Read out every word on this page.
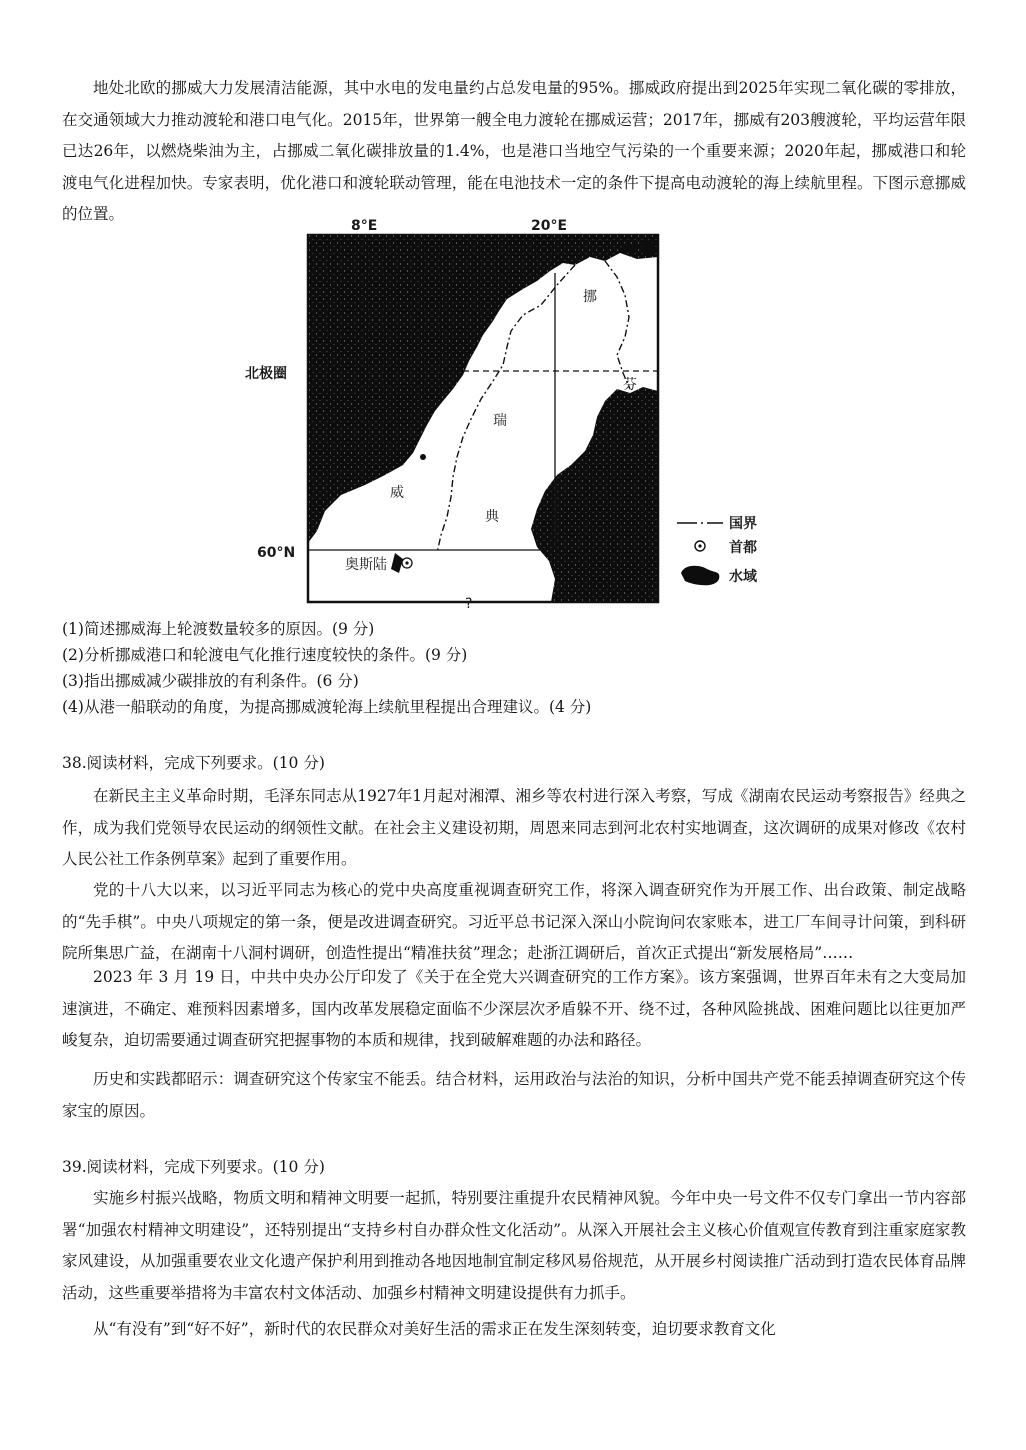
地处北欧的挪威大力发展清洁能源，其中水电的发电量约占总发电量的95%。挪威政府提出到2025年实现二氧化碳的零排放，在交通领域大力推动渡轮和港口电气化。2015年，世界第一艘全电力渡轮在挪威运营；2017年，挪威有203艘渡轮，平均运营年限已达26年，以燃烧柴油为主，占挪威二氧化碳排放量的1.4%，也是港口当地空气污染的一个重要来源；2020年起，挪威港口和轮渡电气化进程加快。专家表明，优化港口和渡轮联动管理，能在电池技术一定的条件下提高电动渡轮的海上续航里程。下图示意挪威的位置。

8°E	20°E
北极圈
60°N
挪
威
瑞
典
芬
兰
奥斯陆
?
国界
首都
水域

(1)简述挪威海上轮渡数量较多的原因。(9 分)

(2)分析挪威港口和轮渡电气化推行速度较快的条件。(9 分)

(3)指出挪威减少碳排放的有利条件。(6 分)

(4)从港一船联动的角度，为提高挪威渡轮海上续航里程提出合理建议。(4 分)

38.阅读材料，完成下列要求。(10 分)

在新民主主义革命时期，毛泽东同志从1927年1月起对湘潭、湘乡等农村进行深入考察，写成《湖南农民运动考察报告》经典之作，成为我们党领导农民运动的纲领性文献。在社会主义建设初期，周恩来同志到河北农村实地调查，这次调研的成果对修改《农村人民公社工作条例草案》起到了重要作用。

党的十八大以来，以习近平同志为核心的党中央高度重视调查研究工作，将深入调查研究作为开展工作、出台政策、制定战略的“先手棋”。中央八项规定的第一条，便是改进调查研究。习近平总书记深入深山小院询问农家账本，进工厂车间寻计问策，到科研院所集思广益，在湖南十八洞村调研，创造性提出“精准扶贫”理念；赴浙江调研后，首次正式提出“新发展格局”……

2023 年 3 月 19 日，中共中央办公厅印发了《关于在全党大兴调查研究的工作方案》。该方案强调，世界百年未有之大变局加速演进，不确定、难预料因素增多，国内改革发展稳定面临不少深层次矛盾躲不开、绕不过，各种风险挑战、困难问题比以往更加严峻复杂，迫切需要通过调查研究把握事物的本质和规律，找到破解难题的办法和路径。

历史和实践都昭示：调查研究这个传家宝不能丢。结合材料，运用政治与法治的知识，分析中国共产党不能丢掉调查研究这个传家宝的原因。

39.阅读材料，完成下列要求。(10 分)

实施乡村振兴战略，物质文明和精神文明要一起抓，特别要注重提升农民精神风貌。今年中央一号文件不仅专门拿出一节内容部署“加强农村精神文明建设”，还特别提出“支持乡村自办群众性文化活动”。从深入开展社会主义核心价值观宣传教育到注重家庭家教家风建设，从加强重要农业文化遗产保护利用到推动各地因地制宜制定移风易俗规范，从开展乡村阅读推广活动到打造农民体育品牌活动，这些重要举措将为丰富农村文体活动、加强乡村精神文明建设提供有力抓手。

从“有没有”到“好不好”，新时代的农民群众对美好生活的需求正在发生深刻转变，迫切要求教育文化
